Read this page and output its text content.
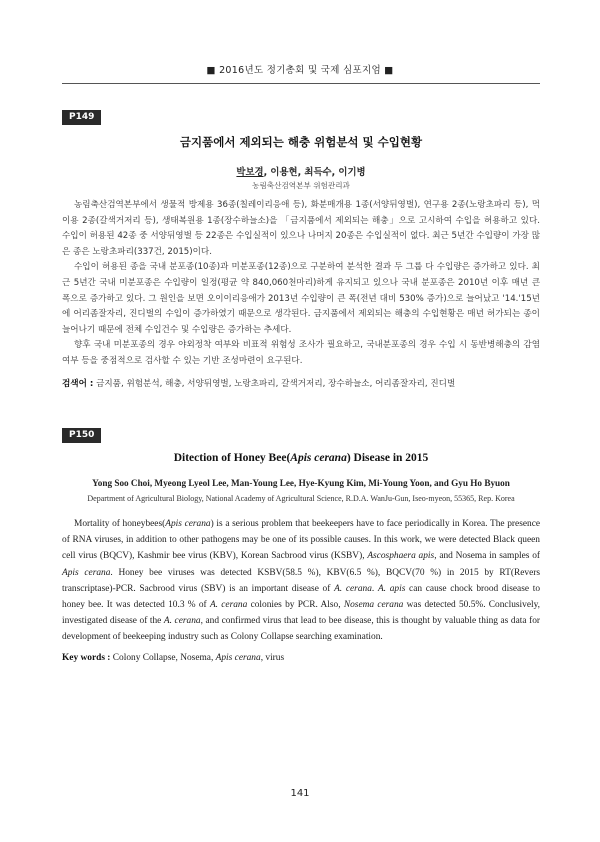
■ 2016년도 정기총회 및 국제 심포지엄 ■
P149
금지품에서 제외되는 해충 위험분석 및 수입현황
박보경, 이용현, 최득수, 이기병
농림축산검역본부 위험관리과

농림축산검역본부에서 생물적 방제용 36종(칠레이리응애 등), 화분매개용 1종(서양뒤영벌), 연구용 2종(노랑초파리 등), 먹이용 2종(갈색거저리 등), 생태복원용 1종(장수하늘소)을 「금지품에서 제외되는 해충」으로 고시하여 수입을 허용하고 있다. 수입이 허용된 42종 중 서양뒤영벌 등 22종은 수입실적이 있으나 나머지 20종은 수입실적이 없다. 최근 5년간 수입량이 가장 많은 종은 노랑초파리(337건, 2015)이다.

수입이 허용된 종을 국내 분포종(10종)과 미분포종(12종)으로 구분하여 분석한 결과 두 그룹 다 수입량은 증가하고 있다. 최근 5년간 국내 미분포종은 수입량이 일정(평균 약 840,060천마리)하게 유지되고 있으나 국내 분포종은 2010년 이후 매년 큰 폭으로 증가하고 있다. 그 원인을 보면 오이이리응애가 2013년 수입량이 큰 폭(전년 대비 530% 증가)으로 늘어났고 '14.'15년에 어리좀잘자리, 진디벌의 수입이 증가하였기 때문으로 생각된다. 금지품에서 제외되는 해충의 수입현황은 매년 허가되는 종이 늘어나기 때문에 전체 수입건수 및 수입량은 증가하는 추세다.

향후 국내 미분포종의 경우 야외정착 여부와 비표적 위험성 조사가 필요하고, 국내분포종의 경우 수입 시 동반병해충의 감염여부 등을 중점적으로 검사할 수 있는 기반 조성마련이 요구된다.

검색어 : 금지품, 위험분석, 해충, 서양뒤영벌, 노랑초파리, 갈색거저리, 장수하늘소, 어리좀잘자리, 진디벌
P150
Ditection of Honey Bee(Apis cerana) Disease in 2015
Yong Soo Choi, Myeong Lyeol Lee, Man-Young Lee, Hye-Kyung Kim, Mi-Young Yoon, and Gyu Ho Byuon
Department of Agricultural Biology, National Academy of Agricultural Science, R.D.A. WanJu-Gun, Iseo-myeon, 55365, Rep. Korea

Mortality of honeybees(Apis cerana) is a serious problem that beekeepers have to face periodically in Korea. The presence of RNA viruses, in addition to other pathogens may be one of its possible causes. In this work, we were detected Black queen cell virus (BQCV), Kashmir bee virus (KBV), Korean Sacbrood virus (KSBV), Ascosphaera apis, and Nosema in samples of Apis cerana. Honey bee viruses was detected KSBV(58.5 %), KBV(6.5 %), BQCV(70 %) in 2015 by RT(Revers transcriptase)-PCR. Sacbrood virus (SBV) is an important disease of A. cerana. A. apis can cause chock brood disease to honey bee. It was detected 10.3 % of A. cerana colonies by PCR. Also, Nosema cerana was detected 50.5%. Conclusively, investigated disease of the A. cerana, and confirmed virus that lead to bee disease, this is thought by valuable thing as data for development of beekeeping industry such as Colony Collapse searching examination.

Key words : Colony Collapse, Nosema, Apis cerana, virus
141
